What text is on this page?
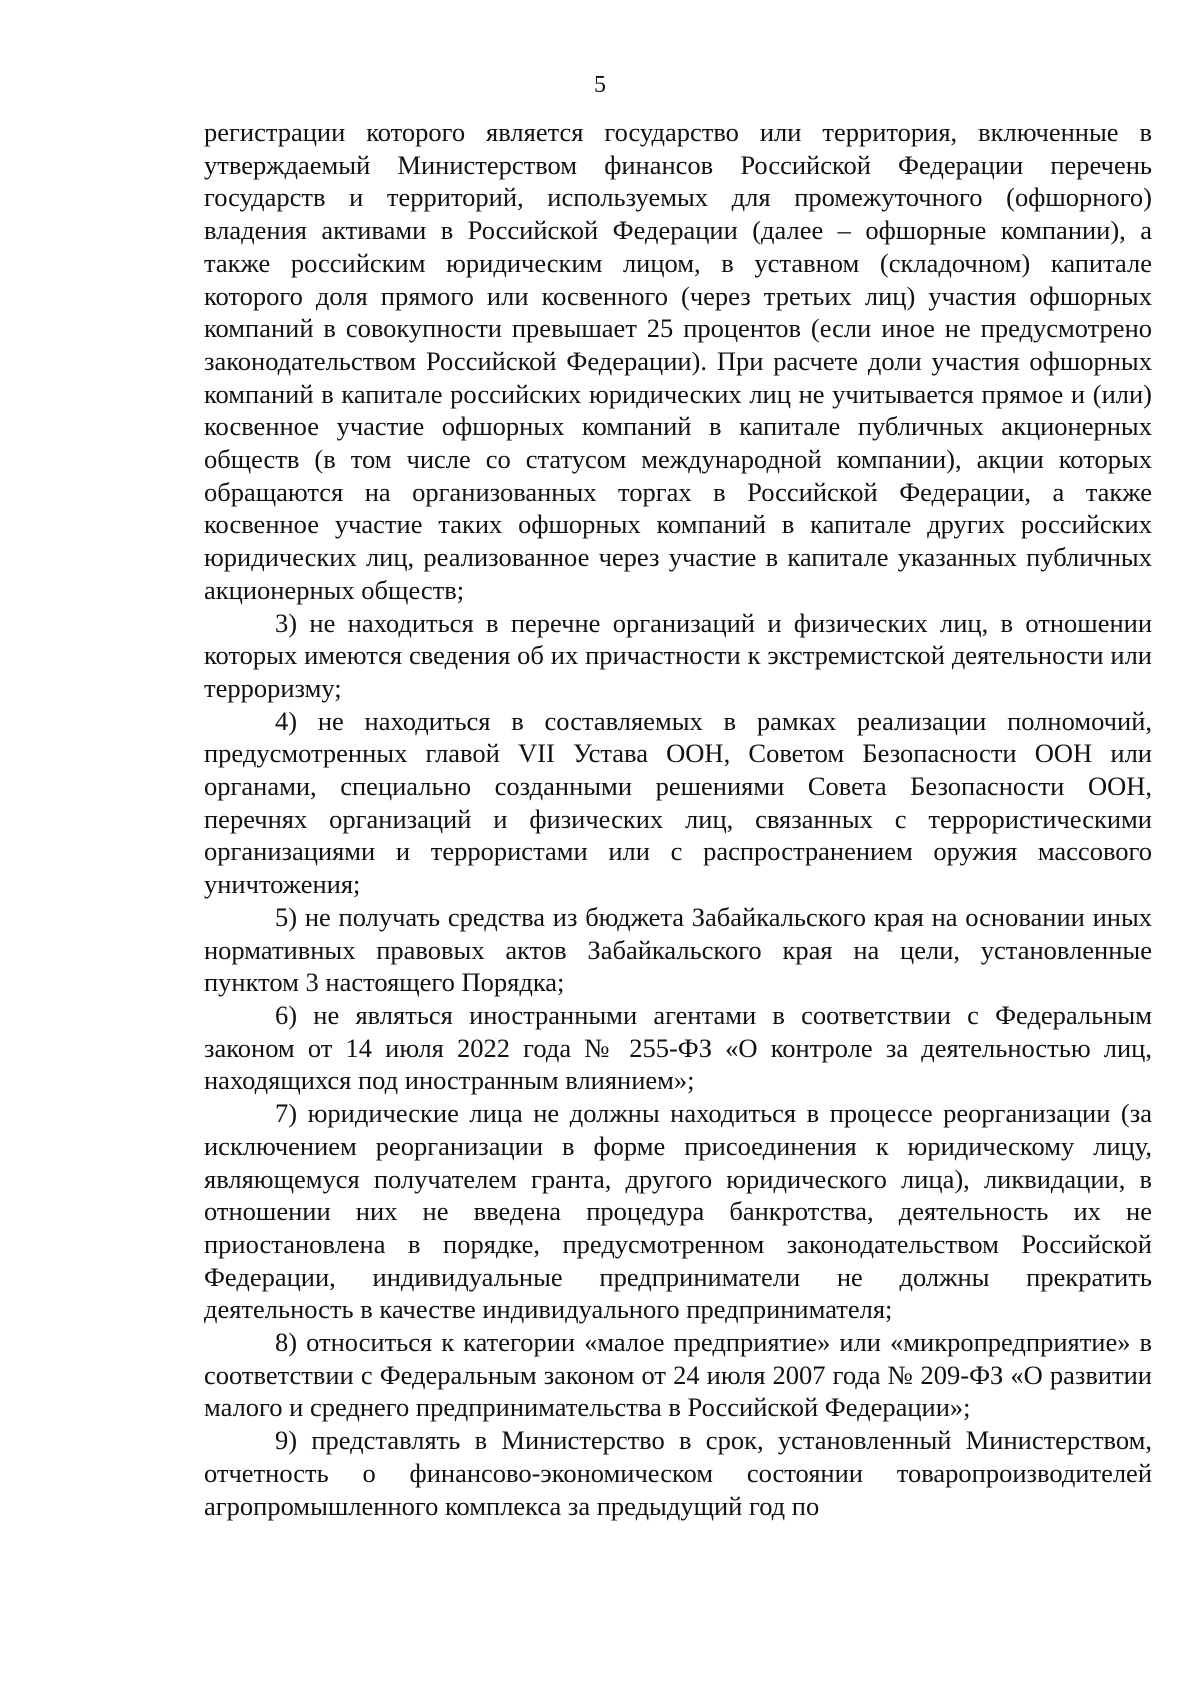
5

регистрации которого является государство или территория, включенные в утверждаемый Министерством финансов Российской Федерации перечень государств и территорий, используемых для промежуточного (офшорного) владения активами в Российской Федерации (далее – офшорные компании), а также российским юридическим лицом, в уставном (складочном) капитале которого доля прямого или косвенного (через третьих лиц) участия офшорных компаний в совокупности превышает 25 процентов (если иное не предусмотрено законодательством Российской Федерации). При расчете доли участия офшорных компаний в капитале российских юридических лиц не учитывается прямое и (или) косвенное участие офшорных компаний в капитале публичных акционерных обществ (в том числе со статусом международной компании), акции которых обращаются на организованных торгах в Российской Федерации, а также косвенное участие таких офшорных компаний в капитале других российских юридических лиц, реализованное через участие в капитале указанных публичных акционерных обществ;

3) не находиться в перечне организаций и физических лиц, в отношении которых имеются сведения об их причастности к экстремистской деятельности или терроризму;

4) не находиться в составляемых в рамках реализации полномочий, предусмотренных главой VII Устава ООН, Советом Безопасности ООН или органами, специально созданными решениями Совета Безопасности ООН, перечнях организаций и физических лиц, связанных с террористическими организациями и террористами или с распространением оружия массового уничтожения;

5) не получать средства из бюджета Забайкальского края на основании иных нормативных правовых актов Забайкальского края на цели, установленные пунктом 3 настоящего Порядка;

6) не являться иностранными агентами в соответствии с Федеральным законом от 14 июля 2022 года № 255-ФЗ «О контроле за деятельностью лиц, находящихся под иностранным влиянием»;

7) юридические лица не должны находиться в процессе реорганизации (за исключением реорганизации в форме присоединения к юридическому лицу, являющемуся получателем гранта, другого юридического лица), ликвидации, в отношении них не введена процедура банкротства, деятельность их не приостановлена в порядке, предусмотренном законодательством Российской Федерации, индивидуальные предприниматели не должны прекратить деятельность в качестве индивидуального предпринимателя;

8) относиться к категории «малое предприятие» или «микропредприятие» в соответствии с Федеральным законом от 24 июля 2007 года № 209-ФЗ «О развитии малого и среднего предпринимательства в Российской Федерации»;

9) представлять в Министерство в срок, установленный Министерством, отчетность о финансово-экономическом состоянии товаропроизводителей агропромышленного комплекса за предыдущий год по
